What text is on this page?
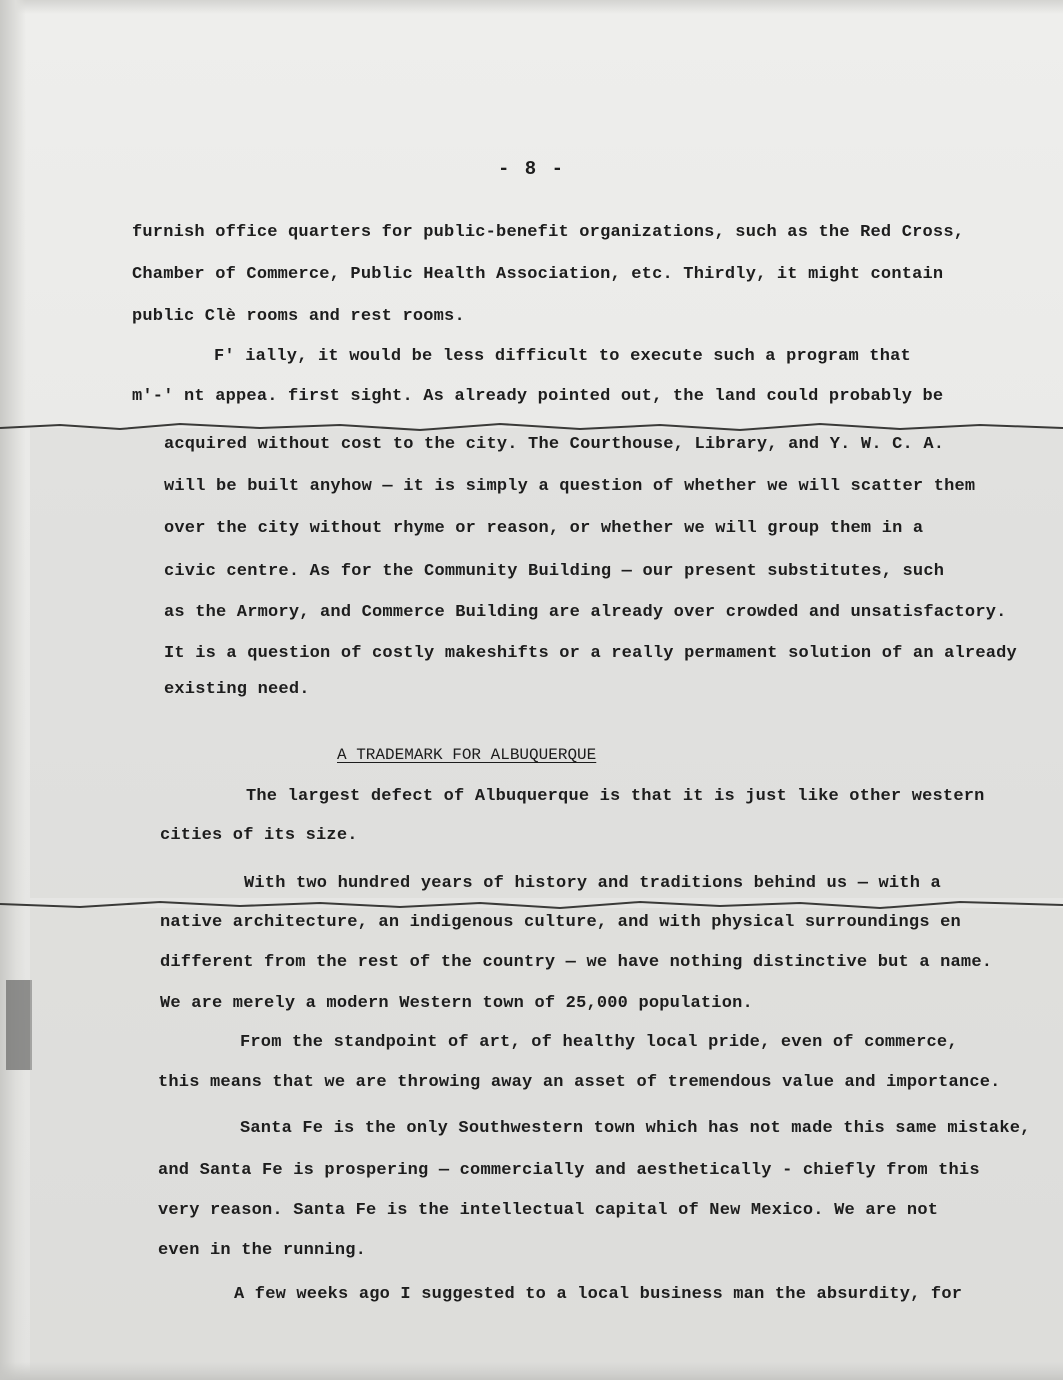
- 8 -
furnish office quarters for public-benefit organizations, such as the Red Cross,
Chamber of Commerce, Public Health Association, etc. Thirdly, it might contain
public Clè rooms and rest rooms.
F' ially, it would be less difficult to execute such a program that
m'-' nt appea. first sight. As already pointed out, the land could probably be
acquired without cost to the city. The Courthouse, Library, and Y. W. C. A.
will be built anyhow — it is simply a question of whether we will scatter them
over the city without rhyme or reason, or whether we will group them in a
civic centre. As for the Community Building — our present substitutes, such
as the Armory, and Commerce Building are already over crowded and unsatisfactory.
It is a question of costly makeshifts or a really permament solution of an already
existing need.
A TRADEMARK FOR ALBUQUERQUE
The largest defect of Albuquerque is that it is just like other western
cities of its size.
With two hundred years of history and traditions behind us — with a
native architecture, an indigenous culture, and with physical surroundings en
different from the rest of the country — we have nothing distinctive but a name.
We are merely a modern Western town of 25,000 population.
From the standpoint of art, of healthy local pride, even of commerce,
this means that we are throwing away an asset of tremendous value and importance.
Santa Fe is the only Southwestern town which has not made this same mistake,
and Santa Fe is prospering — commercially and aesthetically - chiefly from this
very reason. Santa Fe is the intellectual capital of New Mexico. We are not
even in the running.
A few weeks ago I suggested to a local business man the absurdity, for
